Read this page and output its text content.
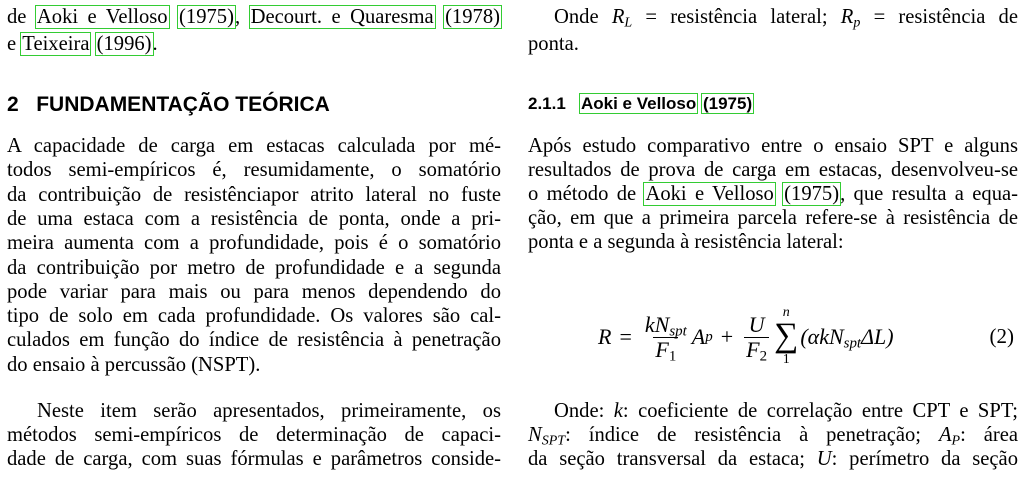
de Aoki e Velloso (1975), Decourt. e Quaresma (1978)
e Teixeira (1996).
2 FUNDAMENTAÇÃO TEÓRICA
A capacidade de carga em estacas calculada por mé-
todos semi-empíricos é, resumidamente, o somatório
da contribuição de resistênciapor atrito lateral no fuste
de uma estaca com a resistência de ponta, onde a pri-
meira aumenta com a profundidade, pois é o somatório
da contribuição por metro de profundidade e a segunda
pode variar para mais ou para menos dependendo do
tipo de solo em cada profundidade. Os valores são cal-
culados em função do índice de resistência à penetração
do ensaio à percussão (NSPT).
Neste item serão apresentados, primeiramente, os
métodos semi-empíricos de determinação de capaci-
dade de carga, com suas fórmulas e parâmetros conside-
Onde $R_L$ = resistência lateral; $R_p$ = resistência de
ponta.
2.1.1 Aoki e Velloso (1975)
Após estudo comparativo entre o ensaio SPT e alguns
resultados de prova de carga em estacas, desenvolveu-se
o método de Aoki e Velloso (1975), que resulta a equa-
ção, em que a primeira parcela refere-se à resistência de
ponta e a segunda à resistência lateral:
$R = \frac{kN_{spt}}{F_1}$ A $p + \frac{U}{F_2}$ n
∑
1
(αkN$_{spt}$ΔL)	(2)
Onde: k: coeficiente de correlação entre CPT e SPT;
$N_{SPT}$: índice de resistência à penetração; $A_P$: área
da seção transversal da estaca; U: perímetro da seção
